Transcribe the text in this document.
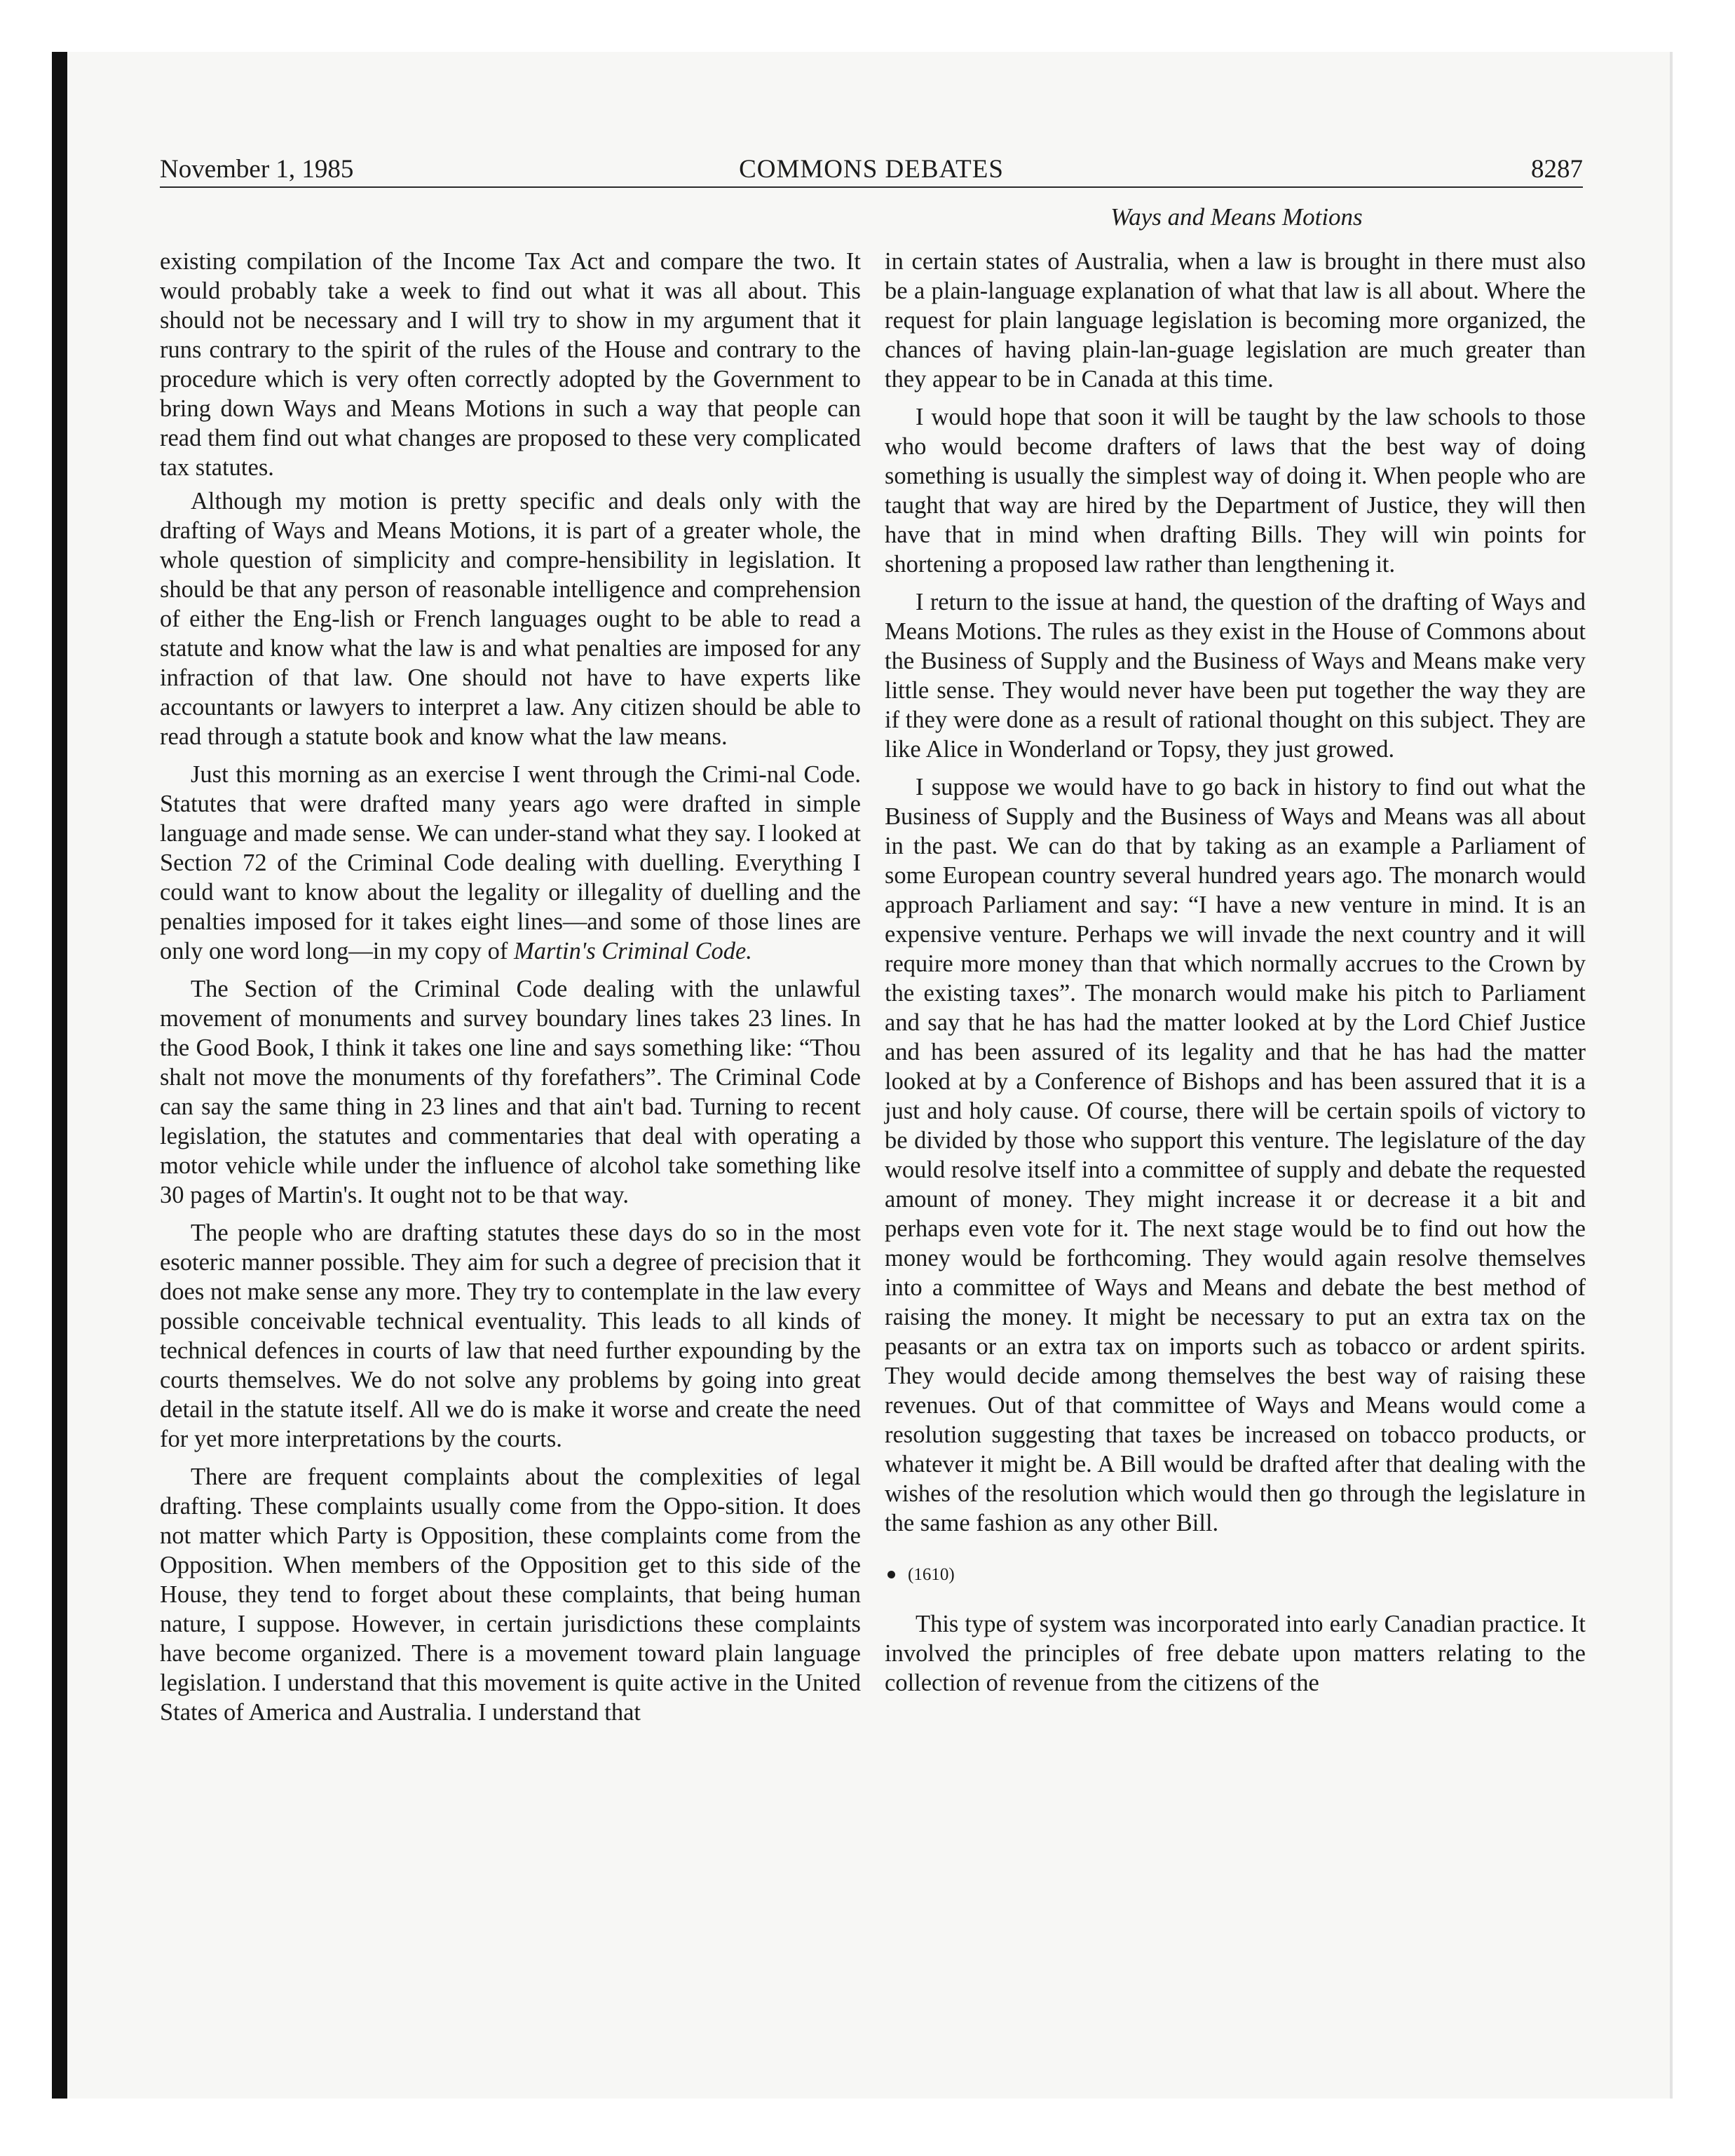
November 1, 1985	COMMONS DEBATES	8287
Ways and Means Motions

existing compilation of the Income Tax Act and compare the two. It would probably take a week to find out what it was all about. This should not be necessary and I will try to show in my argument that it runs contrary to the spirit of the rules of the House and contrary to the procedure which is very often correctly adopted by the Government to bring down Ways and Means Motions in such a way that people can read them find out what changes are proposed to these very complicated tax statutes.

Although my motion is pretty specific and deals only with the drafting of Ways and Means Motions, it is part of a greater whole, the whole question of simplicity and compre-hensibility in legislation. It should be that any person of reasonable intelligence and comprehension of either the Eng-lish or French languages ought to be able to read a statute and know what the law is and what penalties are imposed for any infraction of that law. One should not have to have experts like accountants or lawyers to interpret a law. Any citizen should be able to read through a statute book and know what the law means.

Just this morning as an exercise I went through the Crimi-nal Code. Statutes that were drafted many years ago were drafted in simple language and made sense. We can under-stand what they say. I looked at Section 72 of the Criminal Code dealing with duelling. Everything I could want to know about the legality or illegality of duelling and the penalties imposed for it takes eight lines—and some of those lines are only one word long—in my copy of Martin's Criminal Code.

The Section of the Criminal Code dealing with the unlawful movement of monuments and survey boundary lines takes 23 lines. In the Good Book, I think it takes one line and says something like: “Thou shalt not move the monuments of thy forefathers”. The Criminal Code can say the same thing in 23 lines and that ain't bad. Turning to recent legislation, the statutes and commentaries that deal with operating a motor vehicle while under the influence of alcohol take something like 30 pages of Martin's. It ought not to be that way.

The people who are drafting statutes these days do so in the most esoteric manner possible. They aim for such a degree of precision that it does not make sense any more. They try to contemplate in the law every possible conceivable technical eventuality. This leads to all kinds of technical defences in courts of law that need further expounding by the courts themselves. We do not solve any problems by going into great detail in the statute itself. All we do is make it worse and create the need for yet more interpretations by the courts.

There are frequent complaints about the complexities of legal drafting. These complaints usually come from the Oppo-sition. It does not matter which Party is Opposition, these complaints come from the Opposition. When members of the Opposition get to this side of the House, they tend to forget about these complaints, that being human nature, I suppose. However, in certain jurisdictions these complaints have become organized. There is a movement toward plain language legislation. I understand that this movement is quite active in the United States of America and Australia. I understand that

in certain states of Australia, when a law is brought in there must also be a plain-language explanation of what that law is all about. Where the request for plain language legislation is becoming more organized, the chances of having plain-lan-guage legislation are much greater than they appear to be in Canada at this time.

I would hope that soon it will be taught by the law schools to those who would become drafters of laws that the best way of doing something is usually the simplest way of doing it. When people who are taught that way are hired by the Department of Justice, they will then have that in mind when drafting Bills. They will win points for shortening a proposed law rather than lengthening it.

I return to the issue at hand, the question of the drafting of Ways and Means Motions. The rules as they exist in the House of Commons about the Business of Supply and the Business of Ways and Means make very little sense. They would never have been put together the way they are if they were done as a result of rational thought on this subject. They are like Alice in Wonderland or Topsy, they just growed.

I suppose we would have to go back in history to find out what the Business of Supply and the Business of Ways and Means was all about in the past. We can do that by taking as an example a Parliament of some European country several hundred years ago. The monarch would approach Parliament and say: “I have a new venture in mind. It is an expensive venture. Perhaps we will invade the next country and it will require more money than that which normally accrues to the Crown by the existing taxes”. The monarch would make his pitch to Parliament and say that he has had the matter looked at by the Lord Chief Justice and has been assured of its legality and that he has had the matter looked at by a Conference of Bishops and has been assured that it is a just and holy cause. Of course, there will be certain spoils of victory to be divided by those who support this venture. The legislature of the day would resolve itself into a committee of supply and debate the requested amount of money. They might increase it or decrease it a bit and perhaps even vote for it. The next stage would be to find out how the money would be forthcoming. They would again resolve themselves into a committee of Ways and Means and debate the best method of raising the money. It might be necessary to put an extra tax on the peasants or an extra tax on imports such as tobacco or ardent spirits. They would decide among themselves the best way of raising these revenues. Out of that committee of Ways and Means would come a resolution suggesting that taxes be increased on tobacco products, or whatever it might be. A Bill would be drafted after that dealing with the wishes of the resolution which would then go through the legislature in the same fashion as any other Bill.

(1610)

This type of system was incorporated into early Canadian practice. It involved the principles of free debate upon matters relating to the collection of revenue from the citizens of the
